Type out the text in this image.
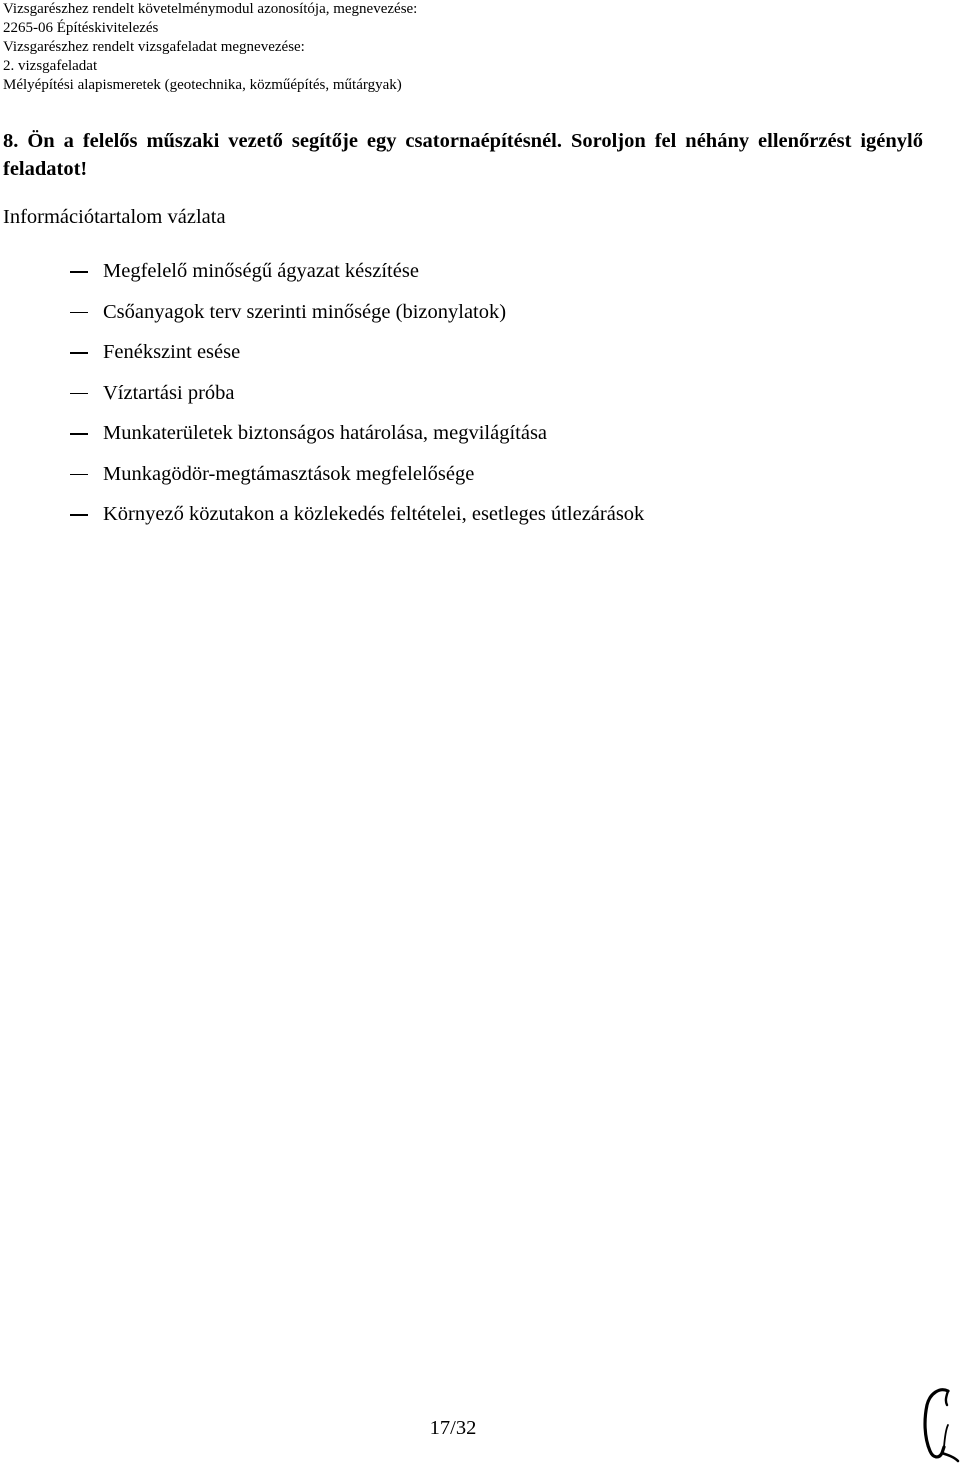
Vizsgarészhez rendelt követelménymodul azonosítója, megnevezése:
2265-06 Építéskivitelezés
Vizsgarészhez rendelt vizsgafeladat megnevezése:
2. vizsgafeladat
Mélyépítési alapismeretek (geotechnika, közműépítés, műtárgyak)
8. Ön a felelős műszaki vezető segítője egy csatornaépítésnél. Soroljon fel néhány ellenőrzést igénylő feladatot!
Információtartalom vázlata
Megfelelő minőségű ágyazat készítése
Csőanyagok terv szerinti minősége (bizonylatok)
Fenékszint esése
Víztartási próba
Munkaterületek biztonságos határolása, megvilágítása
Munkagödör-megtámasztások megfelelősége
Környező közutakon a közlekedés feltételei, esetleges útlezárások
17/32
